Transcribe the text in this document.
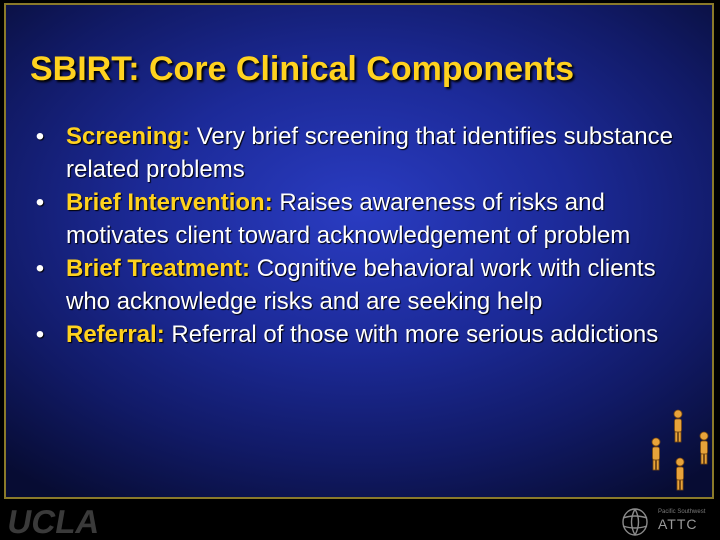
SBIRT: Core Clinical Components
• Screening: Very brief screening that identifies substance related problems
• Brief Intervention: Raises awareness of risks and motivates client toward acknowledgement of problem
• Brief Treatment: Cognitive behavioral work with clients who acknowledge risks and are seeking help
• Referral: Referral of those with more serious addictions
UCLA	Pacific Southwest
ATTC
